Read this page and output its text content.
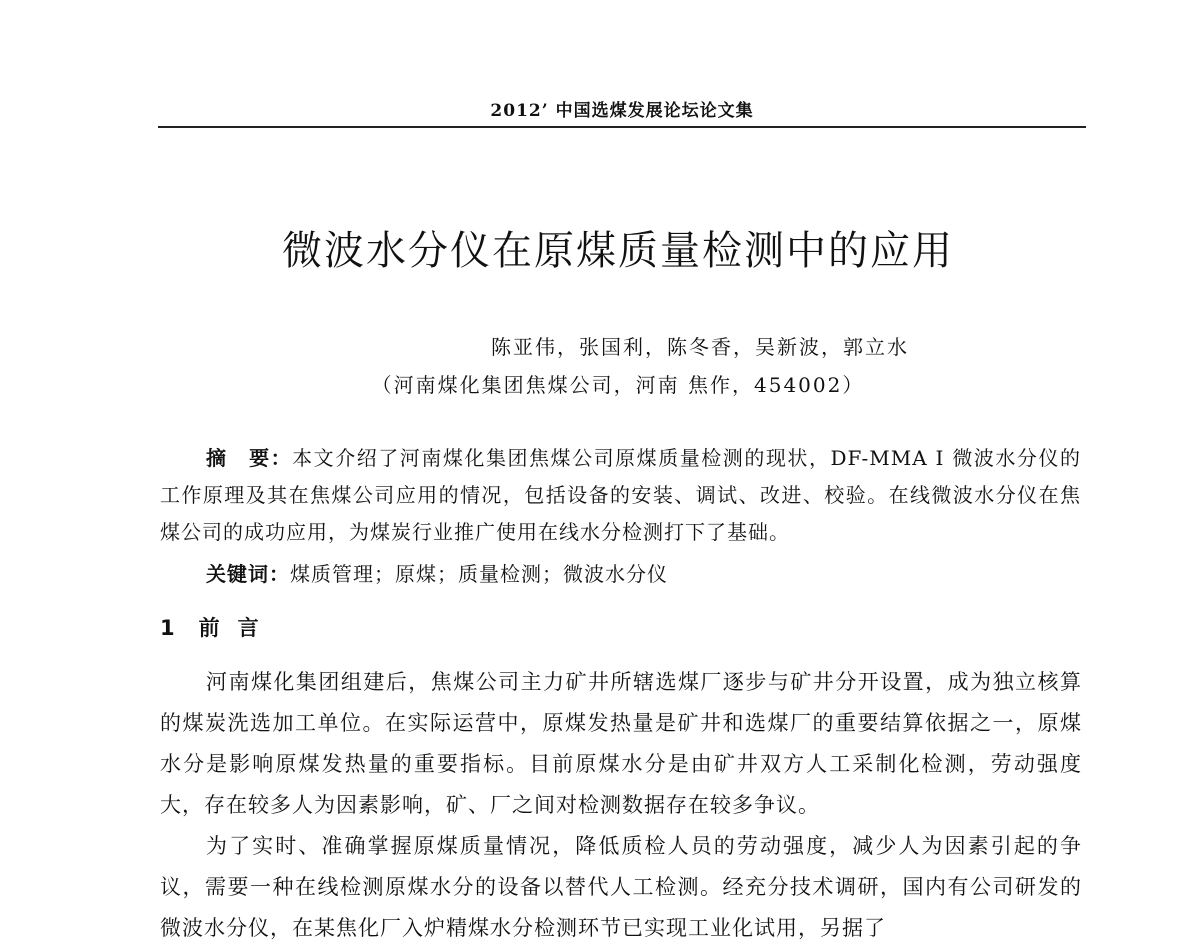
2012’ 中国选煤发展论坛论文集
微波水分仪在原煤质量检测中的应用
陈亚伟，张国利，陈冬香，吴新波，郭立水
（河南煤化集团焦煤公司，河南 焦作，454002）
摘　要：本文介绍了河南煤化集团焦煤公司原煤质量检测的现状，DF-MMA I 微波水分仪的工作原理及其在焦煤公司应用的情况，包括设备的安装、调试、改进、校验。在线微波水分仪在焦煤公司的成功应用，为煤炭行业推广使用在线水分检测打下了基础。
关键词：煤质管理；原煤；质量检测；微波水分仪
1 前言

河南煤化集团组建后，焦煤公司主力矿井所辖选煤厂逐步与矿井分开设置，成为独立核算的煤炭洗选加工单位。在实际运营中，原煤发热量是矿井和选煤厂的重要结算依据之一，原煤水分是影响原煤发热量的重要指标。目前原煤水分是由矿井双方人工采制化检测，劳动强度大，存在较多人为因素影响，矿、厂之间对检测数据存在较多争议。

为了实时、准确掌握原煤质量情况，降低质检人员的劳动强度，减少人为因素引起的争议，需要一种在线检测原煤水分的设备以替代人工检测。经充分技术调研，国内有公司研发的微波水分仪，在某焦化厂入炉精煤水分检测环节已实现工业化试用，另据了
